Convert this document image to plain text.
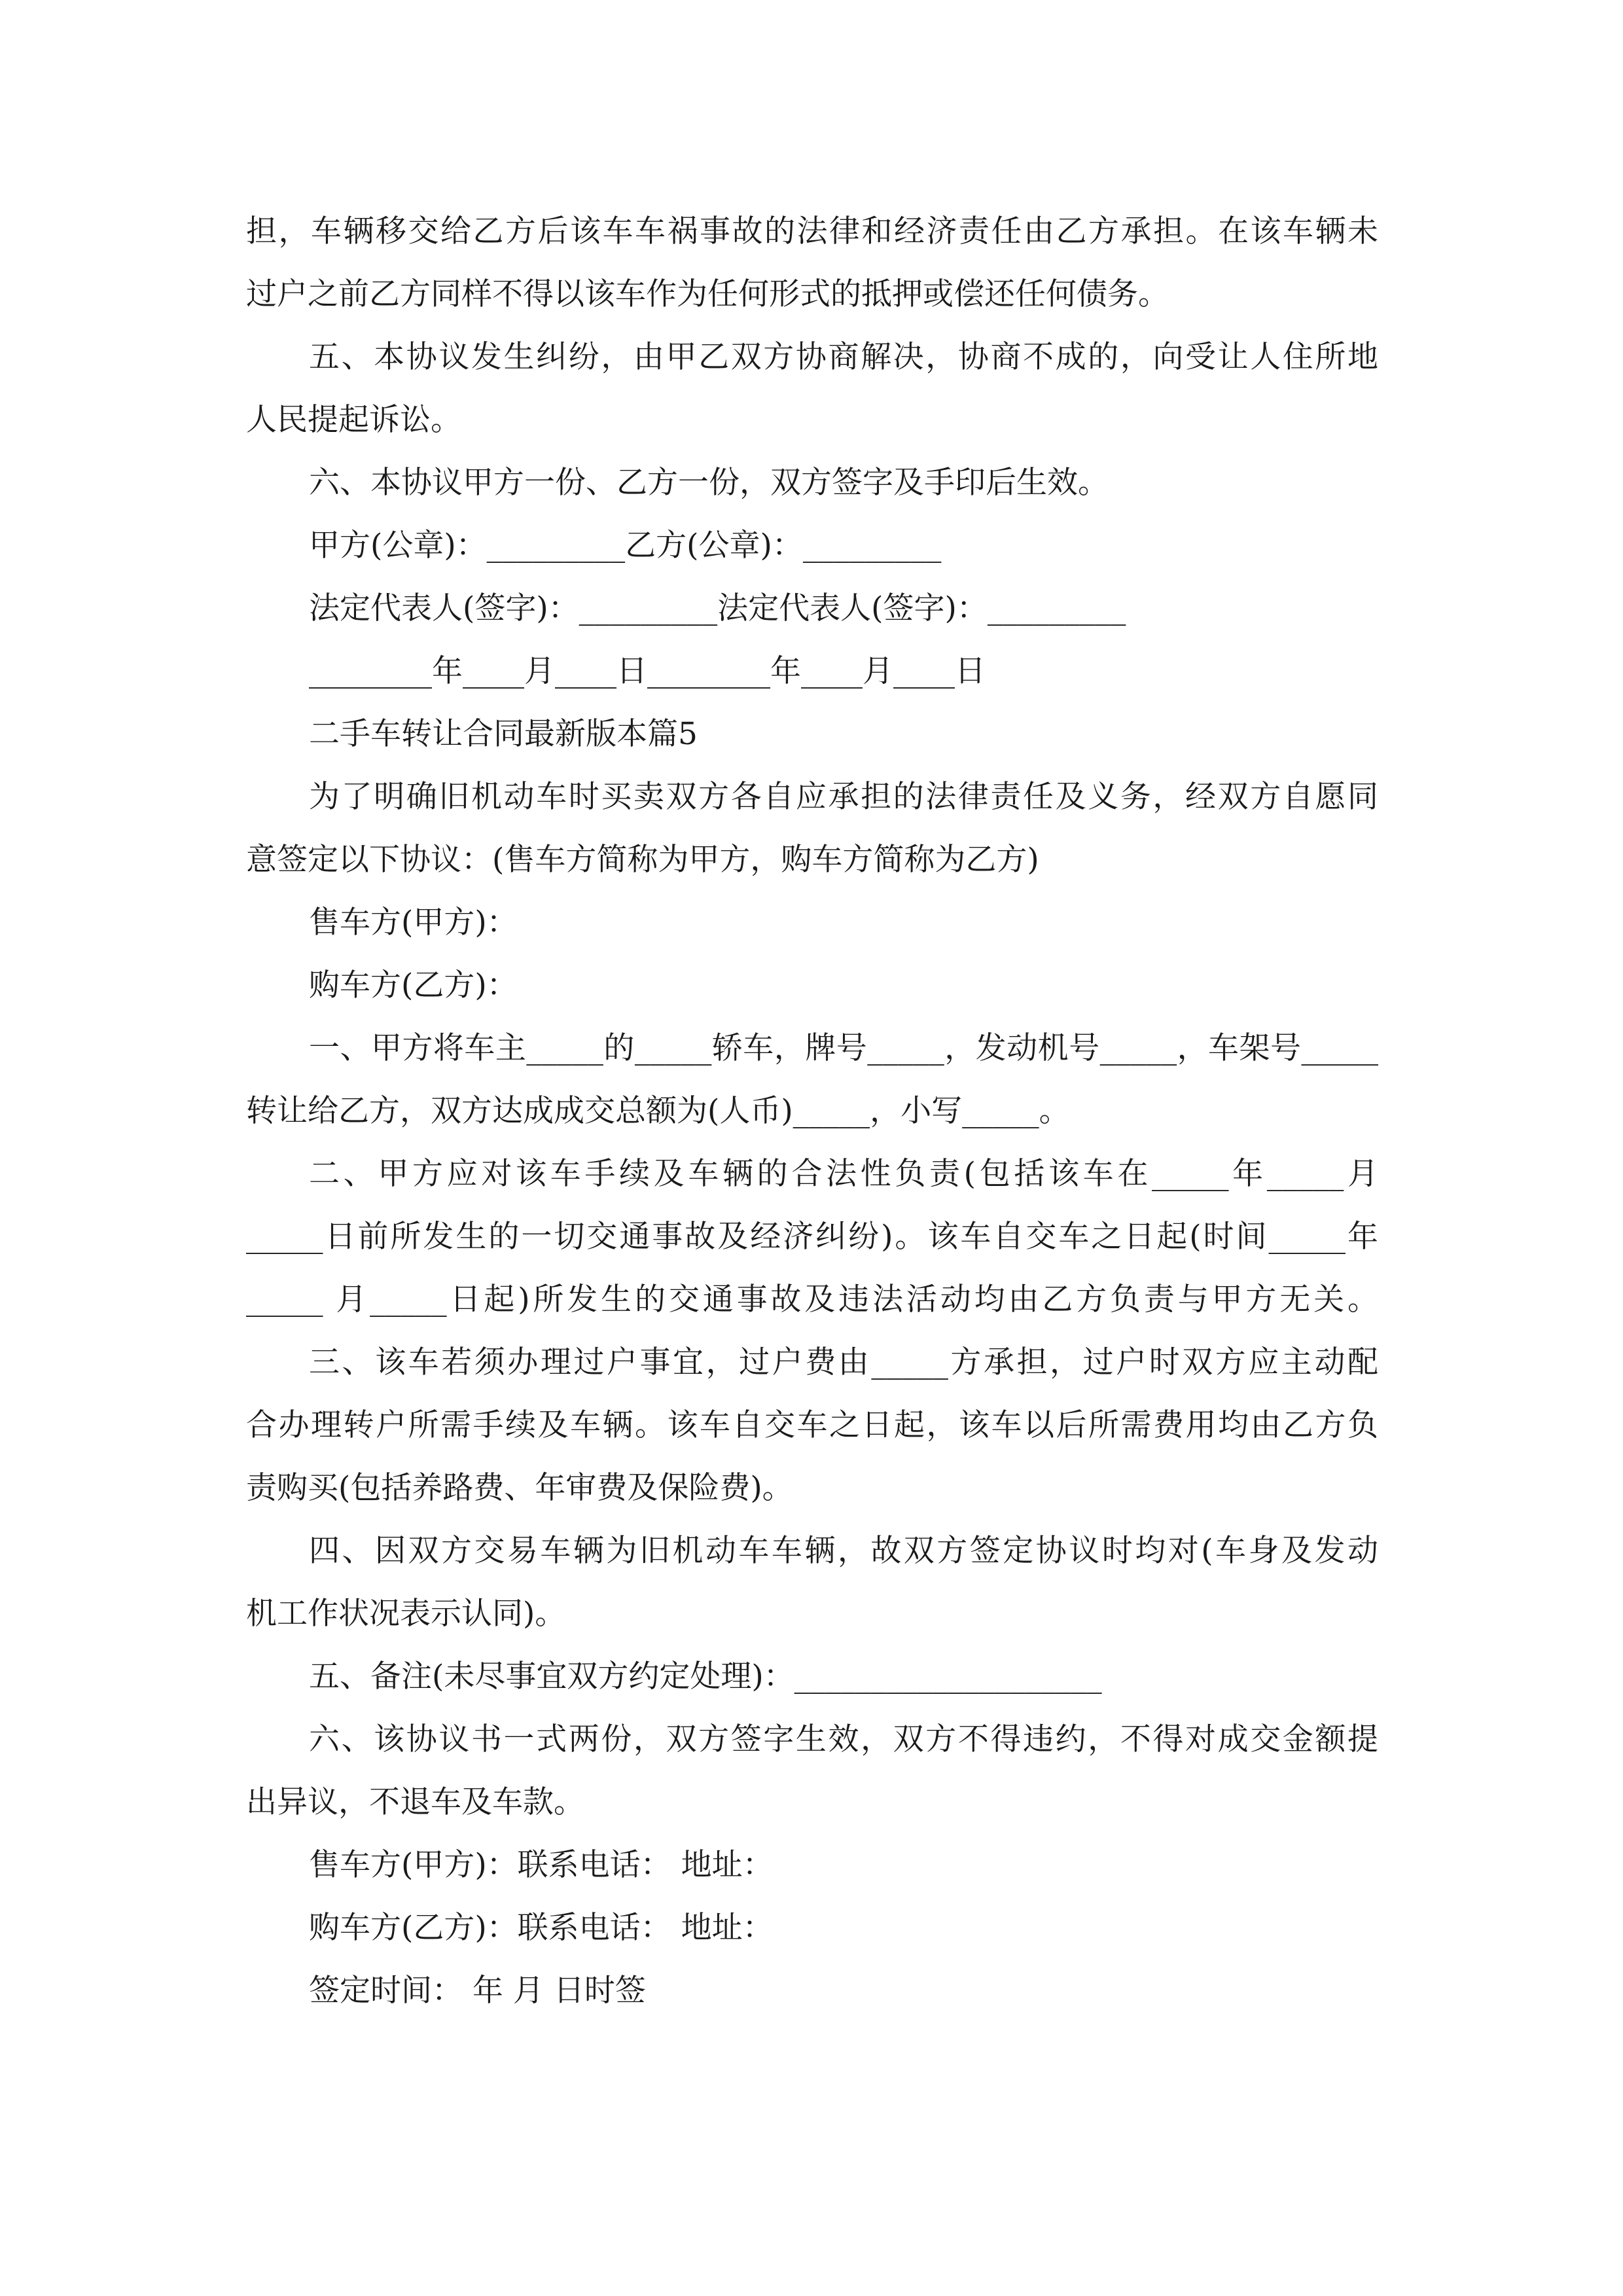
担，车辆移交给乙方后该车车祸事故的法律和经济责任由乙方承担。在该车辆未
过户之前乙方同样不得以该车作为任何形式的抵押或偿还任何债务。
五、本协议发生纠纷，由甲乙双方协商解决，协商不成的，向受让人住所地
人民提起诉讼。
六、本协议甲方一份、乙方一份，双方签字及手印后生效。
甲方(公章)：_________乙方(公章)：_________
法定代表人(签字)：_________法定代表人(签字)：_________
________年____月____日________年____月____日
二手车转让合同最新版本篇5
为了明确旧机动车时买卖双方各自应承担的法律责任及义务，经双方自愿同
意签定以下协议：(售车方简称为甲方，购车方简称为乙方)
售车方(甲方)：
购车方(乙方)：
一、甲方将车主_____的_____轿车，牌号_____，发动机号_____，车架号_____
转让给乙方，双方达成成交总额为(人币)_____，小写_____。
二、甲方应对该车手续及车辆的合法性负责(包括该车在_____年_____月
_____日前所发生的一切交通事故及经济纠纷)。该车自交车之日起(时间_____年
_____ 月_____日起)所发生的交通事故及违法活动均由乙方负责与甲方无关。
三、该车若须办理过户事宜，过户费由_____方承担，过户时双方应主动配
合办理转户所需手续及车辆。该车自交车之日起，该车以后所需费用均由乙方负
责购买(包括养路费、年审费及保险费)。
四、因双方交易车辆为旧机动车车辆，故双方签定协议时均对(车身及发动
机工作状况表示认同)。
五、备注(未尽事宜双方约定处理)：____________________
六、该协议书一式两份，双方签字生效，双方不得违约，不得对成交金额提
出异议，不退车及车款。
售车方(甲方)：联系电话： 地址：
购车方(乙方)：联系电话： 地址：
签定时间： 年 月 日时签
